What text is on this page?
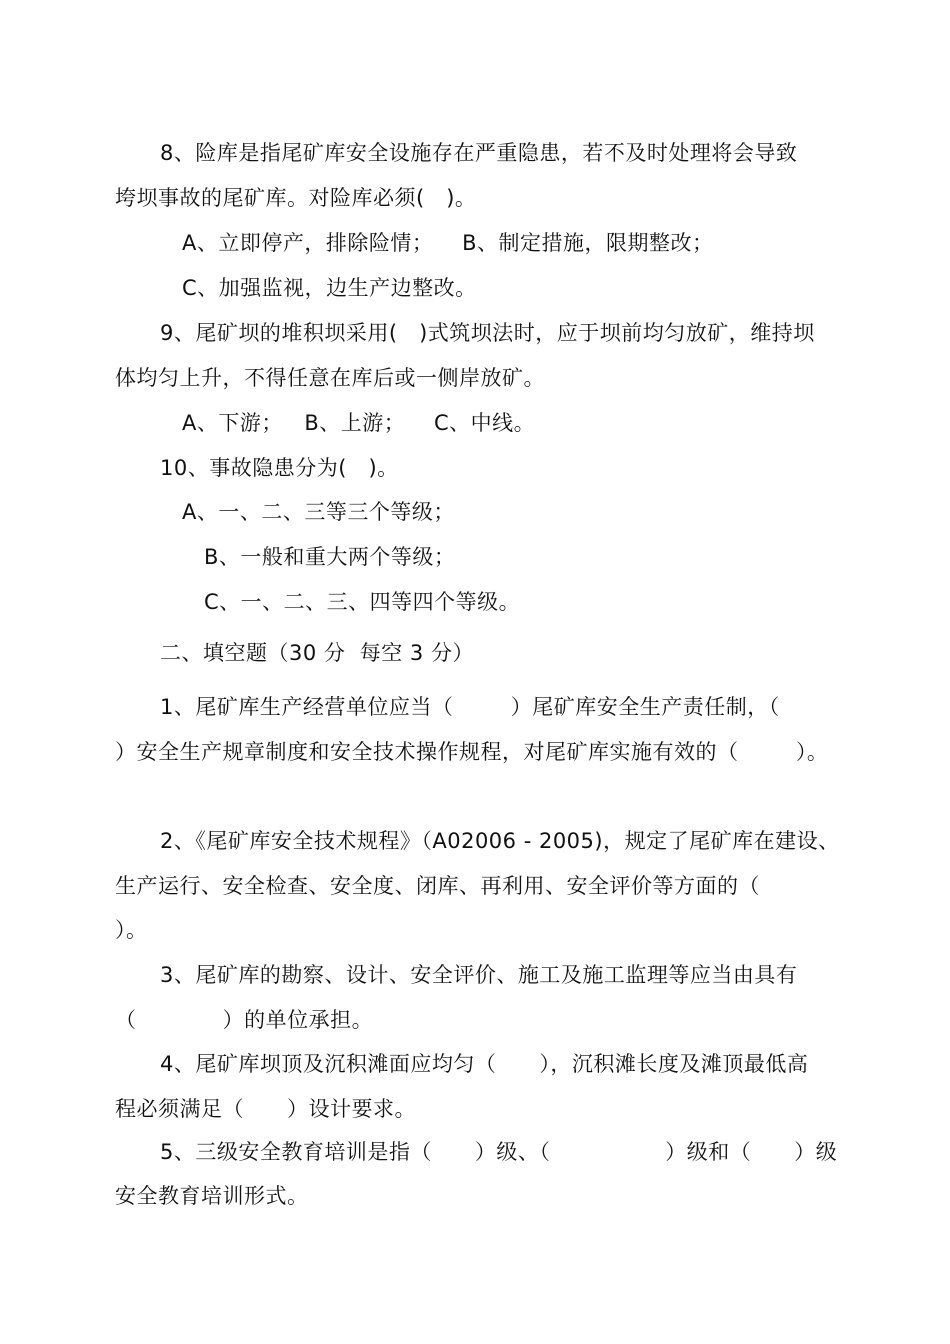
8、险库是指尾矿库安全设施存在严重隐患，若不及时处理将会导致
垮坝事故的尾矿库。对险库必须(   )。
A、立即停产，排除险情；    B、制定措施，限期整改；
C、加强监视，边生产边整改。
9、尾矿坝的堆积坝采用(   )式筑坝法时，应于坝前均匀放矿，维持坝
体均匀上升，不得任意在库后或一侧岸放矿。
A、下游；   B、上游；    C、中线。
10、事故隐患分为(   )。
A、一、二、三等三个等级；
B、一般和重大两个等级；
C、一、二、三、四等四个等级。
二、填空题（30 分  每空 3 分）
1、尾矿库生产经营单位应当（        ）尾矿库安全生产责任制，（
）安全生产规章制度和安全技术操作规程，对尾矿库实施有效的（        ）。
2、《尾矿库安全技术规程》（A02006 - 2005)，规定了尾矿库在建设、
生产运行、安全检查、安全度、闭库、再利用、安全评价等方面的（
）。
3、尾矿库的勘察、设计、安全评价、施工及施工监理等应当由具有
（            ）的单位承担。
4、尾矿库坝顶及沉积滩面应均匀（      ），沉积滩长度及滩顶最低高
程必须满足（      ）设计要求。
5、三级安全教育培训是指（      ）级、（                ）级和（      ）级
安全教育培训形式。
